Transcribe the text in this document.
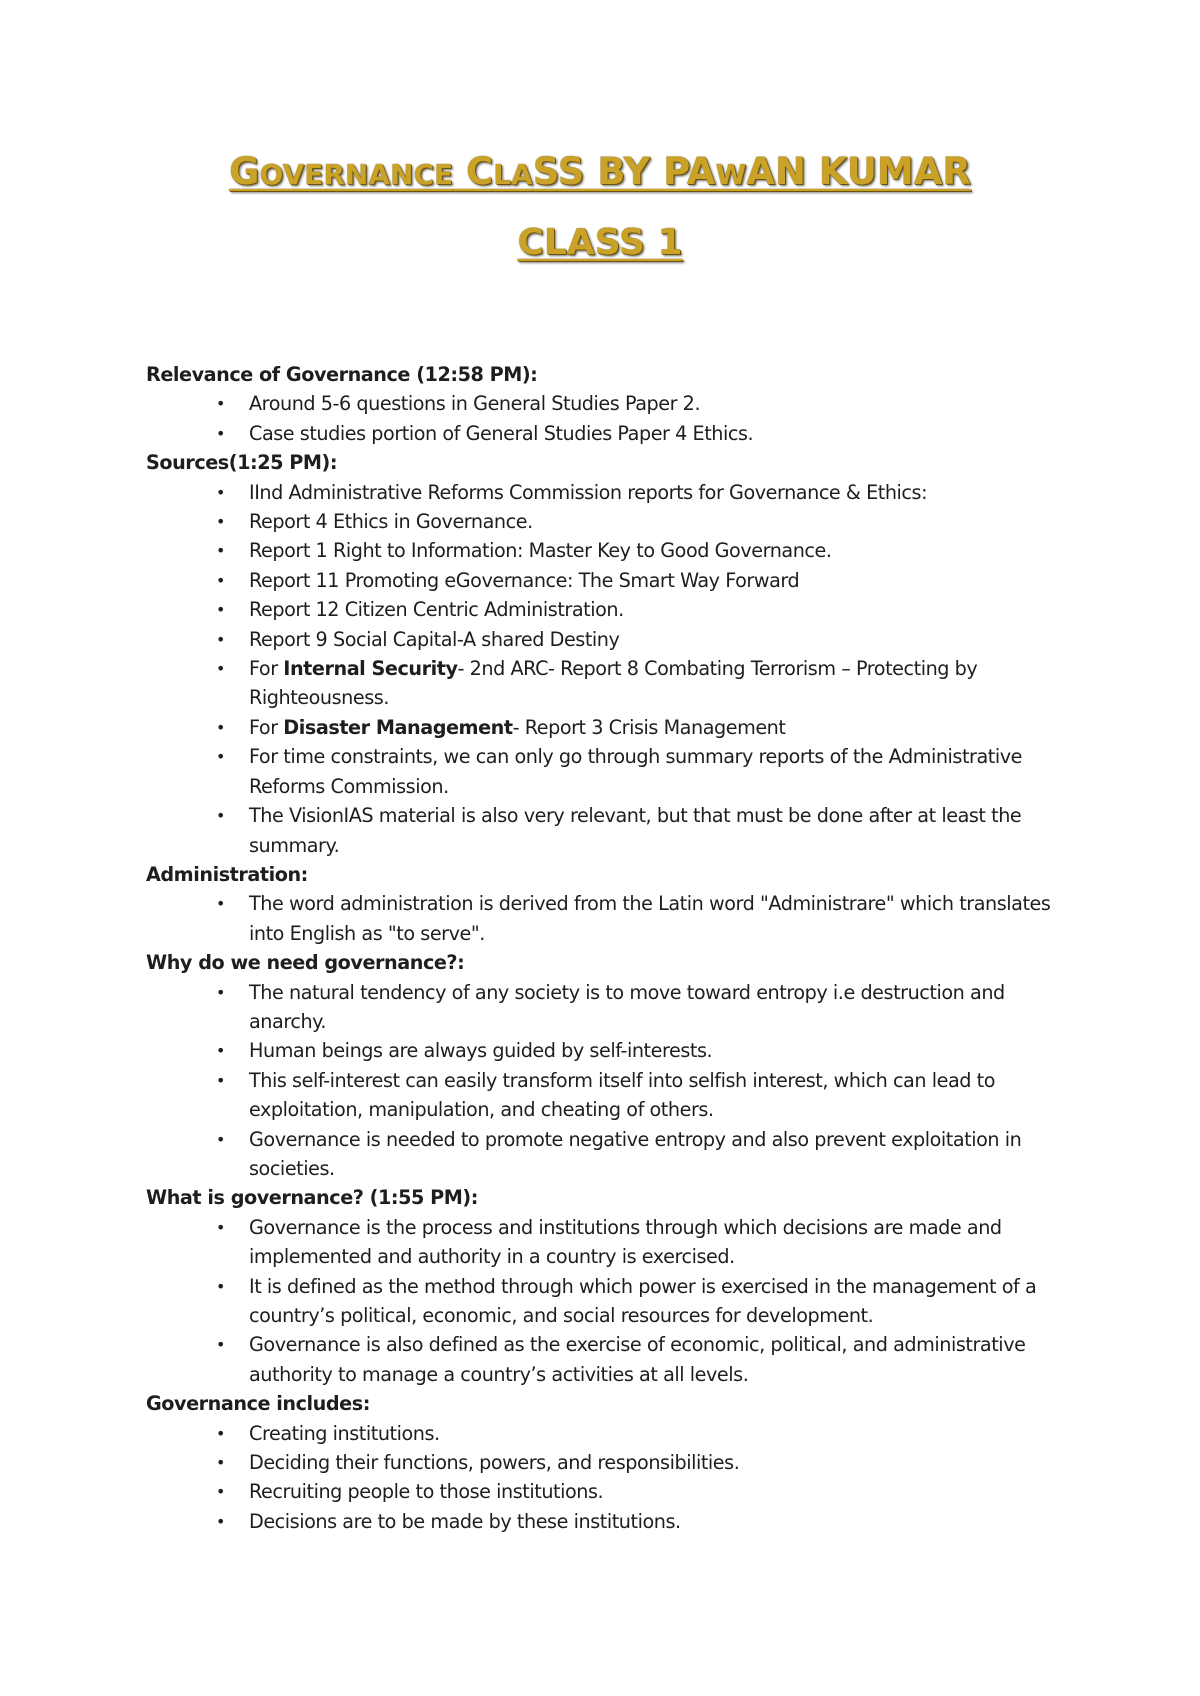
GOVERNANCE CLASS BY PAWAN KUMAR
CLASS 1

Relevance of Governance (12:58 PM):

• Around 5-6 questions in General Studies Paper 2.
• Case studies portion of General Studies Paper 4 Ethics.

Sources(1:25 PM):

• IInd Administrative Reforms Commission reports for Governance & Ethics:
• Report 4 Ethics in Governance.
• Report 1 Right to Information: Master Key to Good Governance.
• Report 11 Promoting eGovernance: The Smart Way Forward
• Report 12 Citizen Centric Administration.
• Report 9 Social Capital-A shared Destiny
• For Internal Security- 2nd ARC- Report 8 Combating Terrorism – Protecting by Righteousness.
• For Disaster Management- Report 3 Crisis Management
• For time constraints, we can only go through summary reports of the Administrative Reforms Commission.
• The VisionIAS material is also very relevant, but that must be done after at least the summary.

Administration:

• The word administration is derived from the Latin word "Administrare" which translates into English as "to serve".

Why do we need governance?:

• The natural tendency of any society is to move toward entropy i.e destruction and anarchy.
• Human beings are always guided by self-interests.
• This self-interest can easily transform itself into selfish interest, which can lead to exploitation, manipulation, and cheating of others.
• Governance is needed to promote negative entropy and also prevent exploitation in societies.

What is governance? (1:55 PM):

• Governance is the process and institutions through which decisions are made and implemented and authority in a country is exercised.
• It is defined as the method through which power is exercised in the management of a country’s political, economic, and social resources for development.
• Governance is also defined as the exercise of economic, political, and administrative authority to manage a country’s activities at all levels.

Governance includes:

• Creating institutions.
• Deciding their functions, powers, and responsibilities.
• Recruiting people to those institutions.
• Decisions are to be made by these institutions.
